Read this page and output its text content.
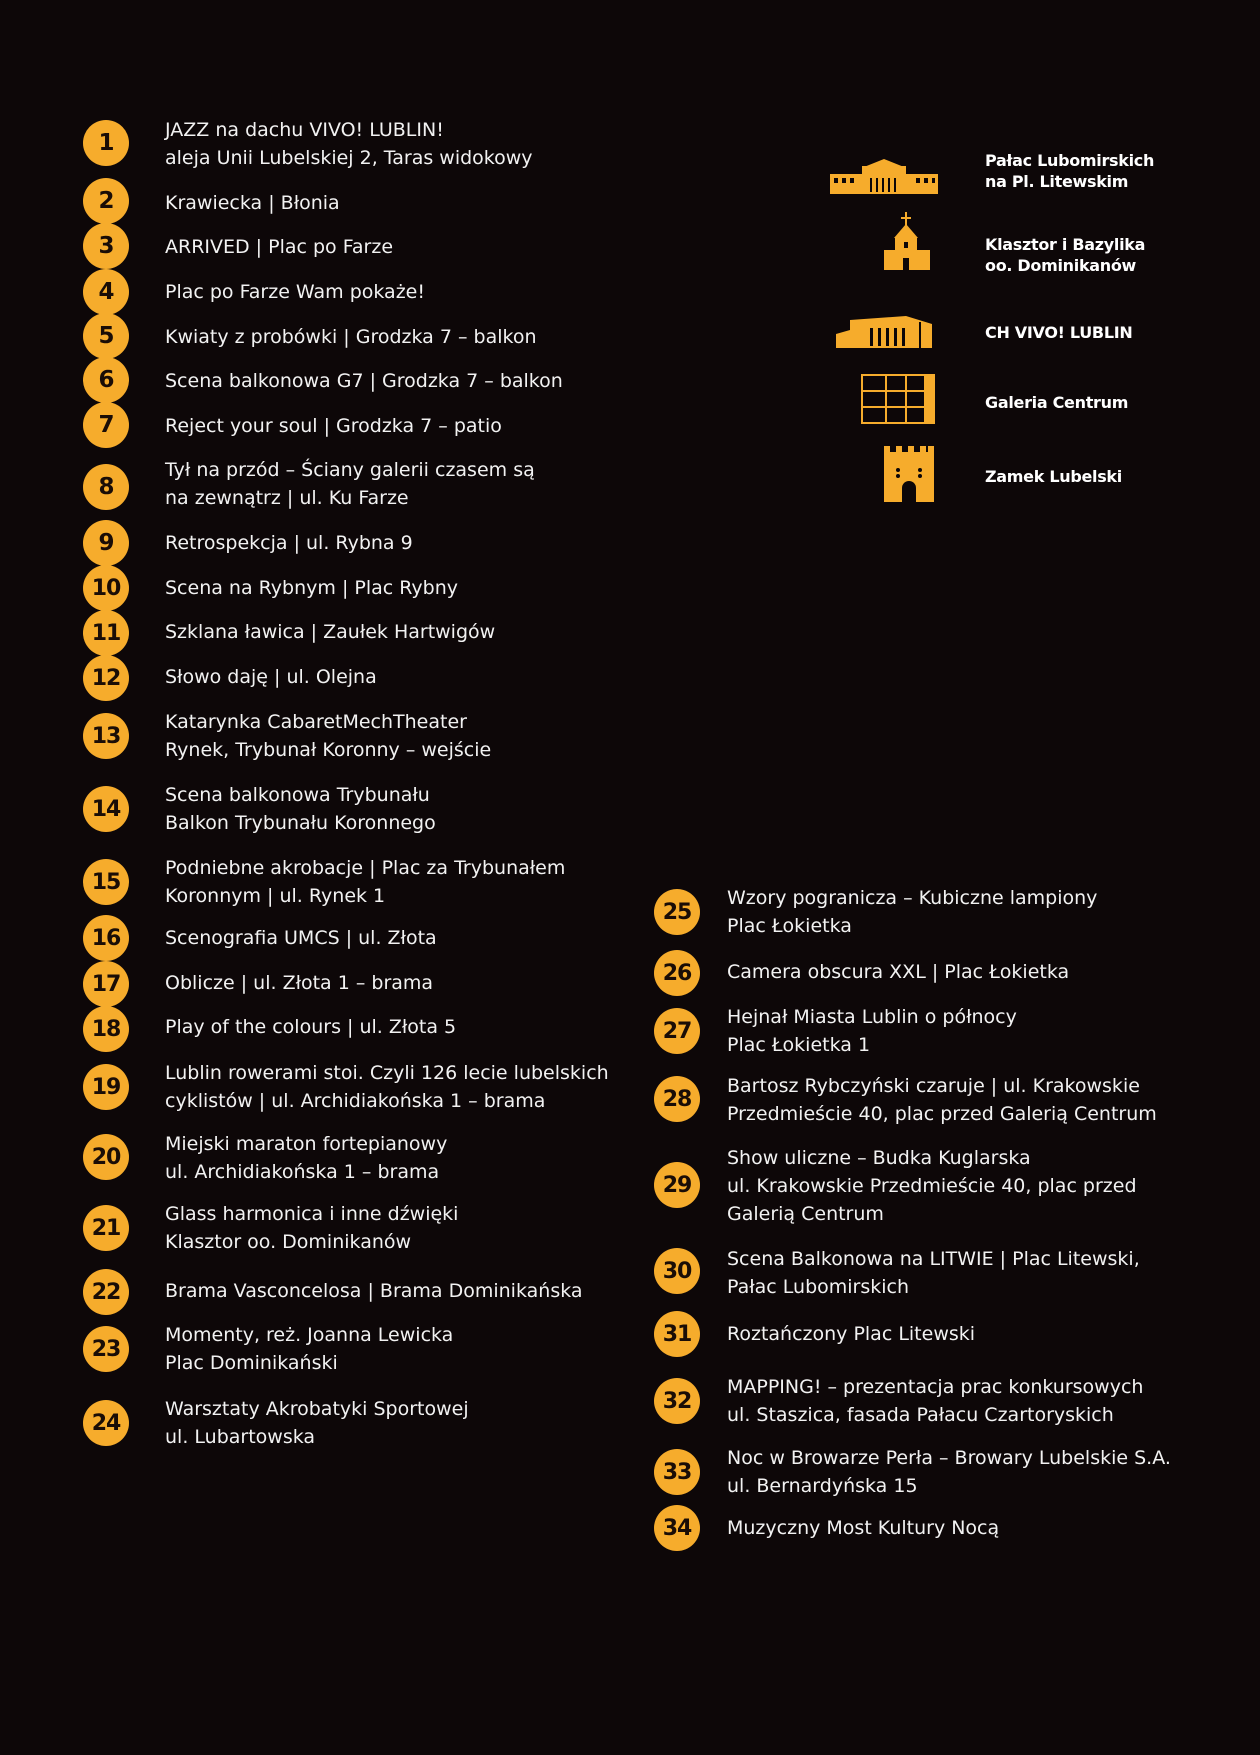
1	JAZZ na dachu VIVO! LUBLIN!
aleja Unii Lubelskiej 2, Taras widokowy
2	Krawiecka | Błonia
3	ARRIVED | Plac po Farze
4	Plac po Farze Wam pokaże!
5	Kwiaty z probówki | Grodzka 7 – balkon
6	Scena balkonowa G7 | Grodzka 7 – balkon
7	Reject your soul | Grodzka 7 – patio
8
Tył na przód – Ściany galerii czasem są
na zewnątrz | ul. Ku Farze
9	Retrospekcja | ul. Rybna 9
10	Scena na Rybnym | Plac Rybny
11	Szklana ławica | Zaułek Hartwigów
12	Słowo daję | ul. Olejna
13
Katarynka CabaretMechTheater
Rynek, Trybunał Koronny – wejście
14
Scena balkonowa Trybunału
Balkon Trybunału Koronnego
15
Podniebne akrobacje | Plac za Trybunałem
Koronnym | ul. Rynek 1
16	Scenografia UMCS | ul. Złota
17	Oblicze | ul. Złota 1 – brama
18	Play of the colours | ul. Złota 5
19
Lublin rowerami stoi. Czyli 126 lecie lubelskich
cyklistów | ul. Archidiakońska 1 – brama
20
Miejski maraton fortepianowy
ul. Archidiakońska 1 – brama
21
Glass harmonica i inne dźwięki
Klasztor oo. Dominikanów
22	Brama Vasconcelosa | Brama Dominikańska
23
Momenty, reż. Joanna Lewicka
Plac Dominikański
24
Warsztaty Akrobatyki Sportowej
ul. Lubartowska
25
Wzory pogranicza – Kubiczne lampiony
Plac Łokietka
26	Camera obscura XXL | Plac Łokietka
27
Hejnał Miasta Lublin o północy
Plac Łokietka 1
28
Bartosz Rybczyński czaruje | ul. Krakowskie
Przedmieście 40, plac przed Galerią Centrum
29
Show uliczne – Budka Kuglarska
ul. Krakowskie Przedmieście 40, plac przed
Galerią Centrum
30	Scena Balkonowa na LITWIE | Plac Litewski,
Pałac Lubomirskich
31	Roztańczony Plac Litewski
32
MAPPING! – prezentacja prac konkursowych
ul. Staszica, fasada Pałacu Czartoryskich
33
Noc w Browarze Perła – Browary Lubelskie S.A.
ul. Bernardyńska 15
34	Muzyczny Most Kultury Nocą
Pałac Lubomirskich
na Pl. Litewskim
Klasztor i Bazylika
oo. Dominikanów
CH VIVO! LUBLIN
Galeria Centrum
Zamek Lubelski
